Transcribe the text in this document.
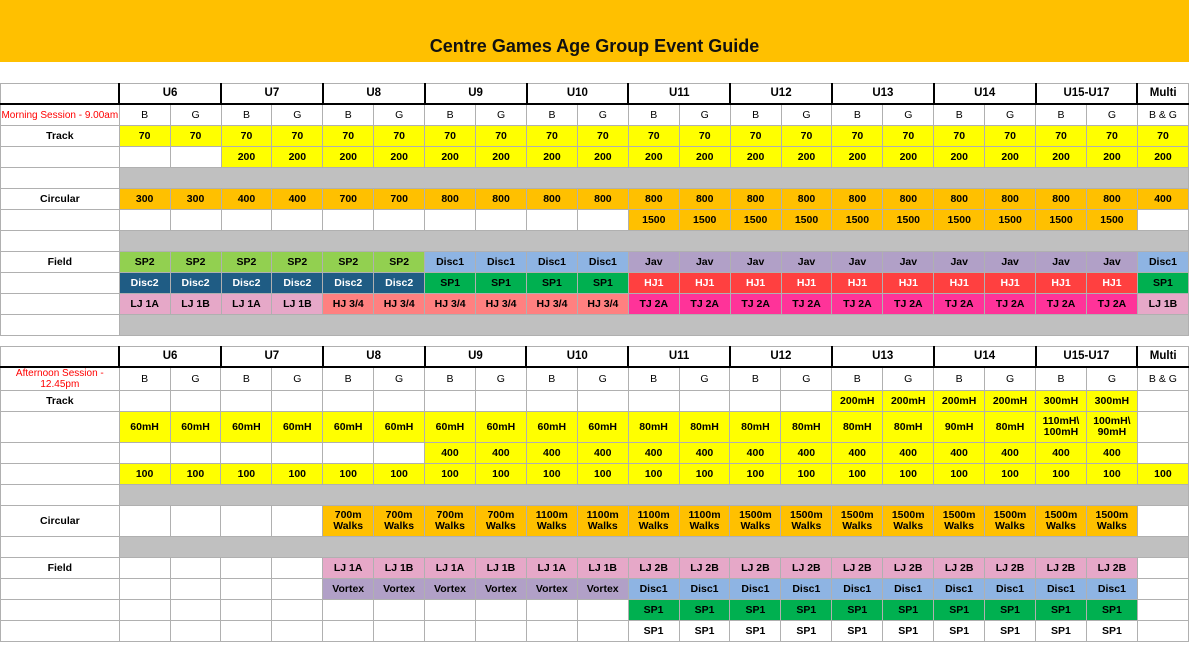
Centre Games Age Group Event Guide
	U6		U7		U8		U9		U10		U11		U12		U13		U14		U15-U17		Multi
Morning Session - 9.00am	B	G	B	G	B	G	B	G	B	G	B	G	B	G	B	G	B	G	B	G	B & G
Track	70	70	70	70	70	70	70	70	70	70	70	70	70	70	70	70	70	70	70	70	70
			200	200	200	200	200	200	200	200	200	200	200	200	200	200	200	200	200	200	200

Circular	300	300	400	400	700	700	800	800	800	800	800	800	800	800	800	800	800	800	800	800	400
											1500	1500	1500	1500	1500	1500	1500	1500	1500	1500	

Field	SP2	SP2	SP2	SP2	SP2	SP2	Disc1	Disc1	Disc1	Disc1	Jav	Jav	Jav	Jav	Jav	Jav	Jav	Jav	Jav	Jav	Disc1
	Disc2	Disc2	Disc2	Disc2	Disc2	Disc2	SP1	SP1	SP1	SP1	HJ1	HJ1	HJ1	HJ1	HJ1	HJ1	HJ1	HJ1	HJ1	HJ1	SP1
	LJ 1A	LJ 1B	LJ 1A	LJ 1B	HJ 3/4	HJ 3/4	HJ 3/4	HJ 3/4	HJ 3/4	HJ 3/4	TJ 2A	TJ 2A	TJ 2A	TJ 2A	TJ 2A	TJ 2A	TJ 2A	TJ 2A	TJ 2A	TJ 2A	LJ 1B

	U6		U7		U8		U9		U10		U11		U12		U13		U14		U15-U17		Multi
Afternoon Session - 12.45pm	B	G	B	G	B	G	B	G	B	G	B	G	B	G	B	G	B	G	B	G	B & G
Track															200mH	200mH	200mH	200mH	300mH	300mH	
	60mH	60mH	60mH	60mH	60mH	60mH	60mH	60mH	60mH	60mH	80mH	80mH	80mH	80mH	80mH	80mH	90mH	80mH	110mH\ 100mH	100mH\ 90mH	
							400	400	400	400	400	400	400	400	400	400	400	400	400	400	
	100	100	100	100	100	100	100	100	100	100	100	100	100	100	100	100	100	100	100	100	100

Circular					700m Walks	700m Walks	700m Walks	700m Walks	1100m Walks	1100m Walks	1100m Walks	1100m Walks	1500m Walks	1500m Walks	1500m Walks	1500m Walks	1500m Walks	1500m Walks	1500m Walks	1500m Walks	

Field					LJ 1A	LJ 1B	LJ 1A	LJ 1B	LJ 1A	LJ 1B	LJ 2B	LJ 2B	LJ 2B	LJ 2B	LJ 2B	LJ 2B	LJ 2B	LJ 2B	LJ 2B	LJ 2B	
					Vortex	Vortex	Vortex	Vortex	Vortex	Vortex	Disc1	Disc1	Disc1	Disc1	Disc1	Disc1	Disc1	Disc1	Disc1	Disc1	
											SP1	SP1	SP1	SP1	SP1	SP1	SP1	SP1	SP1	SP1	
											SP1	SP1	SP1	SP1	SP1	SP1	SP1	SP1	SP1	SP1	
